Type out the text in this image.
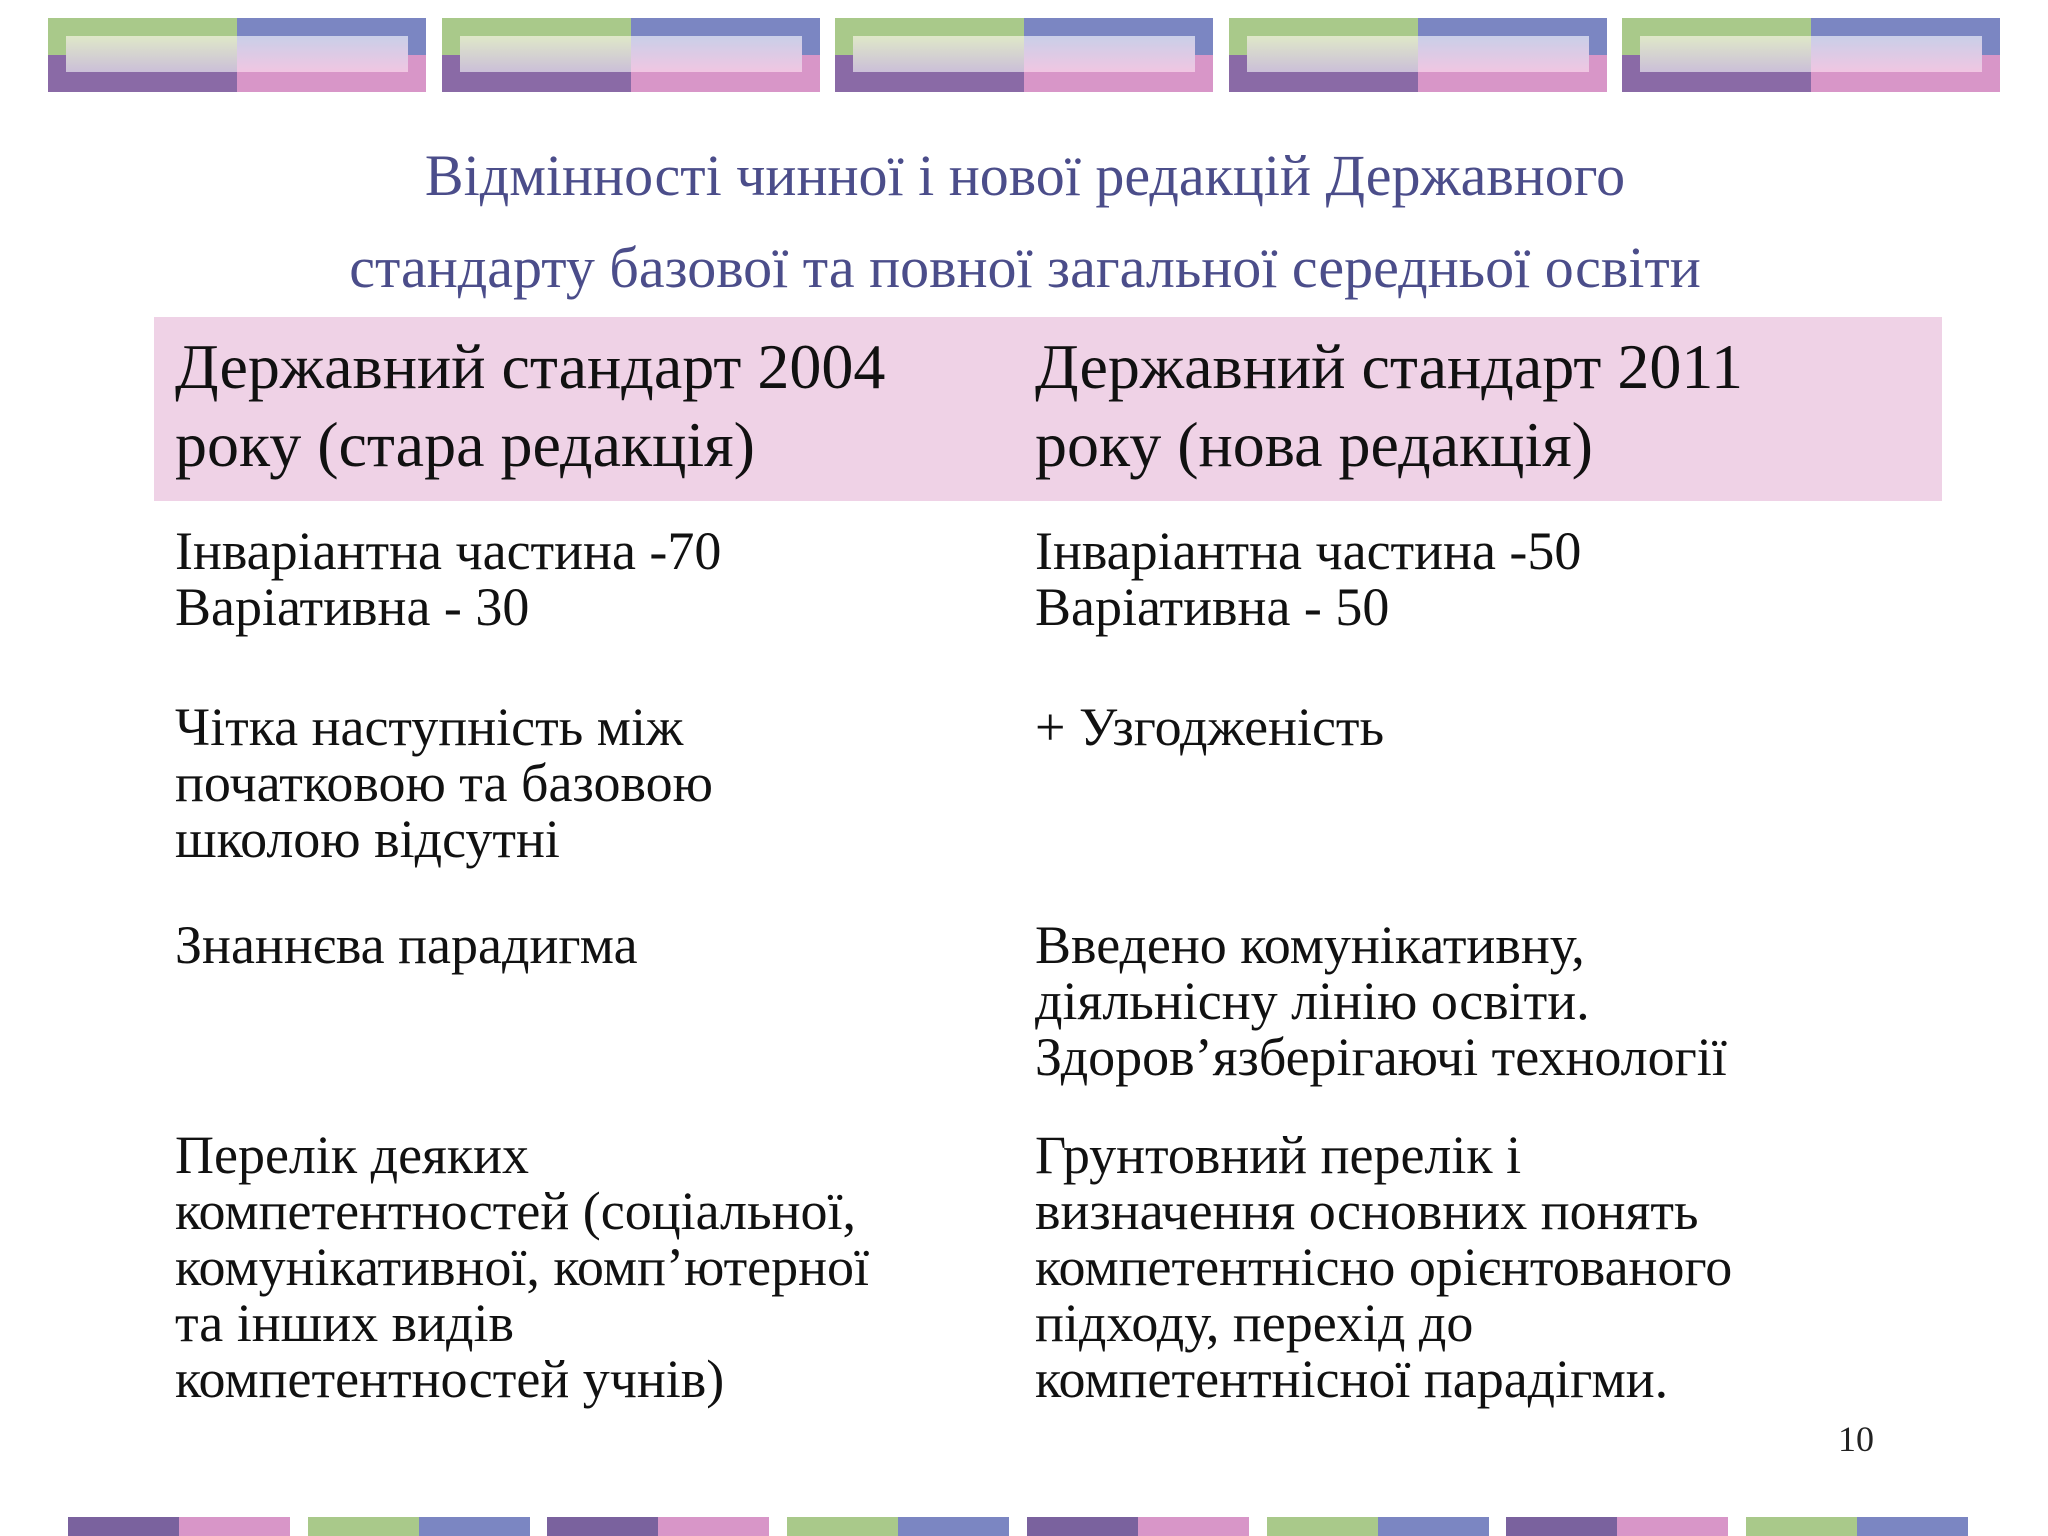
Відмінності чинної і нової редакцій Державного
стандарту базової та повної загальної середньої освіти
Державний стандарт 2004
року (стара редакція)
Державний стандарт 2011
року (нова редакція)
Інваріантна частина -70
Варіативна - 30
Інваріантна частина -50
Варіативна - 50
Чітка наступність між
початковою та базовою
школою відсутні
+ Узгодженість
Знаннєва парадигма	Введено комунікативну,
діяльнісну лінію освіти.
Здоров’язберігаючі технології
Перелік деяких
компетентностей (соціальної,
комунікативної, комп’ютерної
та інших видів
компетентностей учнів)
Грунтовний перелік і
визначення основних понять
компетентнісно орієнтованого
підходу, перехід до
компетентнісної парадігми.
10
